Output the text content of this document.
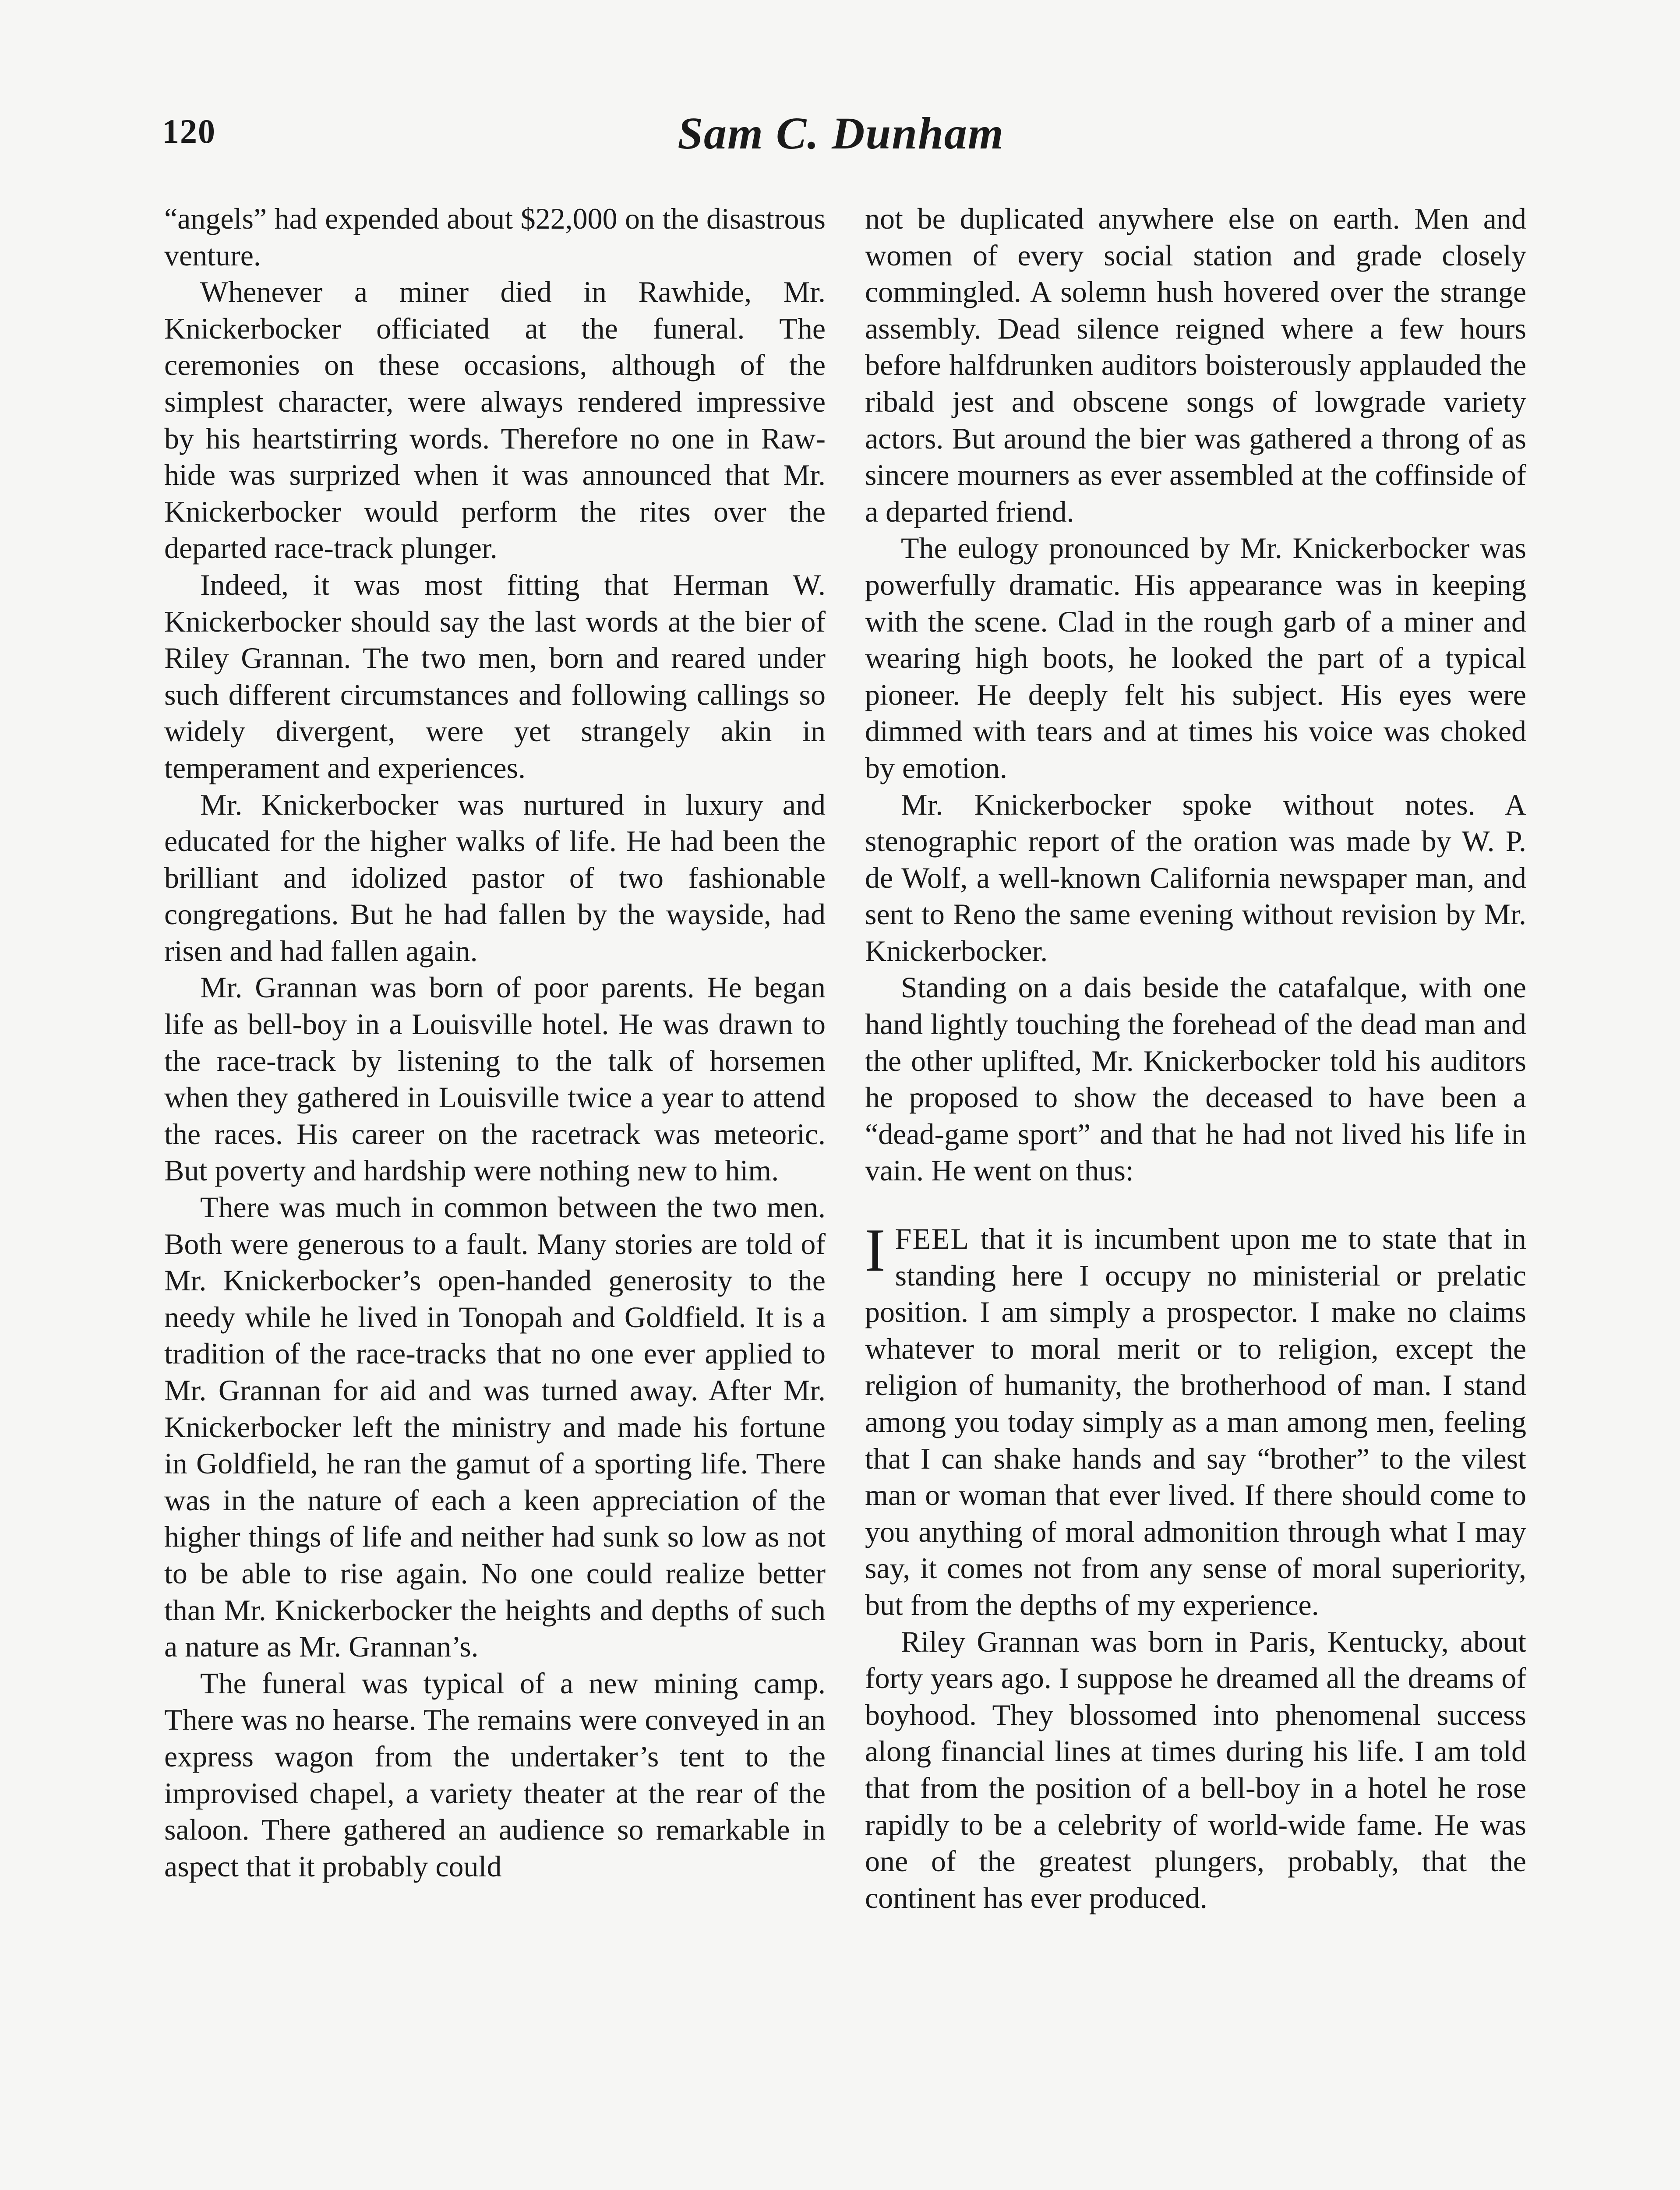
120	Sam C. Dunham

“angels” had expended about $22,000 on the disastrous venture.

Whenever a miner died in Rawhide, Mr. Knickerbocker officiated at the funeral. The ceremonies on these occasions, although of the simplest character, were always rendered impressive by his heartstirring words. Therefore no one in Rawhide was surprized when it was announced that Mr. Knickerbocker would perform the rites over the departed race-track plunger.

Indeed, it was most fitting that Herman W. Knickerbocker should say the last words at the bier of Riley Grannan. The two men, born and reared under such different circumstances and following callings so widely divergent, were yet strangely akin in temperament and experiences.

Mr. Knickerbocker was nurtured in luxury and educated for the higher walks of life. He had been the brilliant and idolized pastor of two fashionable congregations. But he had fallen by the wayside, had risen and had fallen again.

Mr. Grannan was born of poor parents. He began life as bell-boy in a Louisville hotel. He was drawn to the race-track by listening to the talk of horsemen when they gathered in Louisville twice a year to attend the races. His career on the racetrack was meteoric. But poverty and hardship were nothing new to him.

There was much in common between the two men. Both were generous to a fault. Many stories are told of Mr. Knickerbocker’s open-handed generosity to the needy while he lived in Tonopah and Goldfield. It is a tradition of the race-tracks that no one ever applied to Mr. Grannan for aid and was turned away. After Mr. Knickerbocker left the ministry and made his fortune in Goldfield, he ran the gamut of a sporting life. There was in the nature of each a keen appreciation of the higher things of life and neither had sunk so low as not to be able to rise again. No one could realize better than Mr. Knickerbocker the heights and depths of such a nature as Mr. Grannan’s.

The funeral was typical of a new mining camp. There was no hearse. The remains were conveyed in an express wagon from the undertaker’s tent to the improvised chapel, a variety theater at the rear of the saloon. There gathered an audience so remarkable in aspect that it probably could

not be duplicated anywhere else on earth. Men and women of every social station and grade closely commingled. A solemn hush hovered over the strange assembly. Dead silence reigned where a few hours before halfdrunken auditors boisterously applauded the ribald jest and obscene songs of lowgrade variety actors. But around the bier was gathered a throng of as sincere mourners as ever assembled at the coffinside of a departed friend.

The eulogy pronounced by Mr. Knickerbocker was powerfully dramatic. His appearance was in keeping with the scene. Clad in the rough garb of a miner and wearing high boots, he looked the part of a typical pioneer. He deeply felt his subject. His eyes were dimmed with tears and at times his voice was choked by emotion.

Mr. Knickerbocker spoke without notes. A stenographic report of the oration was made by W. P. de Wolf, a well-known California newspaper man, and sent to Reno the same evening without revision by Mr. Knickerbocker.

Standing on a dais beside the catafalque, with one hand lightly touching the forehead of the dead man and the other uplifted, Mr. Knickerbocker told his auditors he proposed to show the deceased to have been a “dead-game sport” and that he had not lived his life in vain. He went on thus:

IFEEL that it is incumbent upon me to state that in standing here I occupy no ministerial or prelatic position. I am simply a prospector. I make no claims whatever to moral merit or to religion, except the religion of humanity, the brotherhood of man. I stand among you today simply as a man among men, feeling that I can shake hands and say “brother” to the vilest man or woman that ever lived. If there should come to you anything of moral admonition through what I may say, it comes not from any sense of moral superiority, but from the depths of my experience.

Riley Grannan was born in Paris, Kentucky, about forty years ago. I suppose he dreamed all the dreams of boyhood. They blossomed into phenomenal success along financial lines at times during his life. I am told that from the position of a bell-boy in a hotel he rose rapidly to be a celebrity of world-wide fame. He was one of the greatest plungers, probably, that the continent has ever produced.
